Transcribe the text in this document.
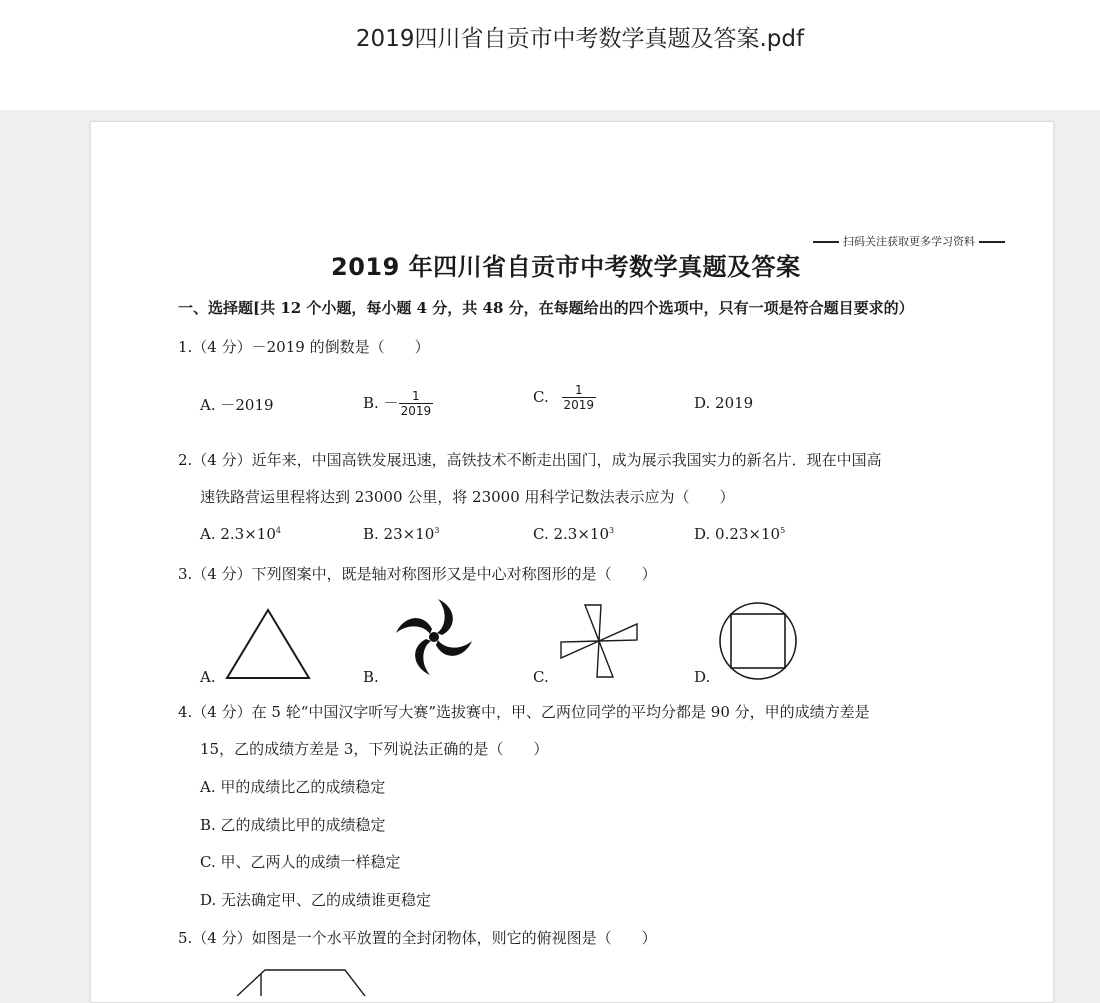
2019四川省自贡市中考数学真题及答案.pdf
扫码关注获取更多学习资料
2019 年四川省自贡市中考数学真题及答案
一、选择题[共 12 个小题，每小题 4 分，共 48 分，在每题给出的四个选项中，只有一项是符合题目要求的）
1.（4 分）－2019 的倒数是（　　）
A. －2019	B. － $\frac{1}{2019}$	C. $\frac{1}{2019}$	D. 2019
2.（4 分）近年来，中国高铁发展迅速，高铁技术不断走出国门，成为展示我国实力的新名片．现在中国高
速铁路营运里程将达到 23000 公里，将 23000 用科学记数法表示应为（　　）
A. $2.3\times 10^4$	B. $23\times 10^3$	C. $2.3\times 10^3$	D. $0.23\times 10^5$
3.（4 分）下列图案中，既是轴对称图形又是中心对称图形的是（　　）
A.	B.	C.	D.
4.（4 分）在 5 轮“中国汉字听写大赛”选拔赛中，甲、乙两位同学的平均分都是 90 分，甲的成绩方差是
15，乙的成绩方差是 3，下列说法正确的是（　　）
A. 甲的成绩比乙的成绩稳定
B. 乙的成绩比甲的成绩稳定
C. 甲、乙两人的成绩一样稳定
D. 无法确定甲、乙的成绩谁更稳定
5.（4 分）如图是一个水平放置的全封闭物体，则它的俯视图是（　　）
